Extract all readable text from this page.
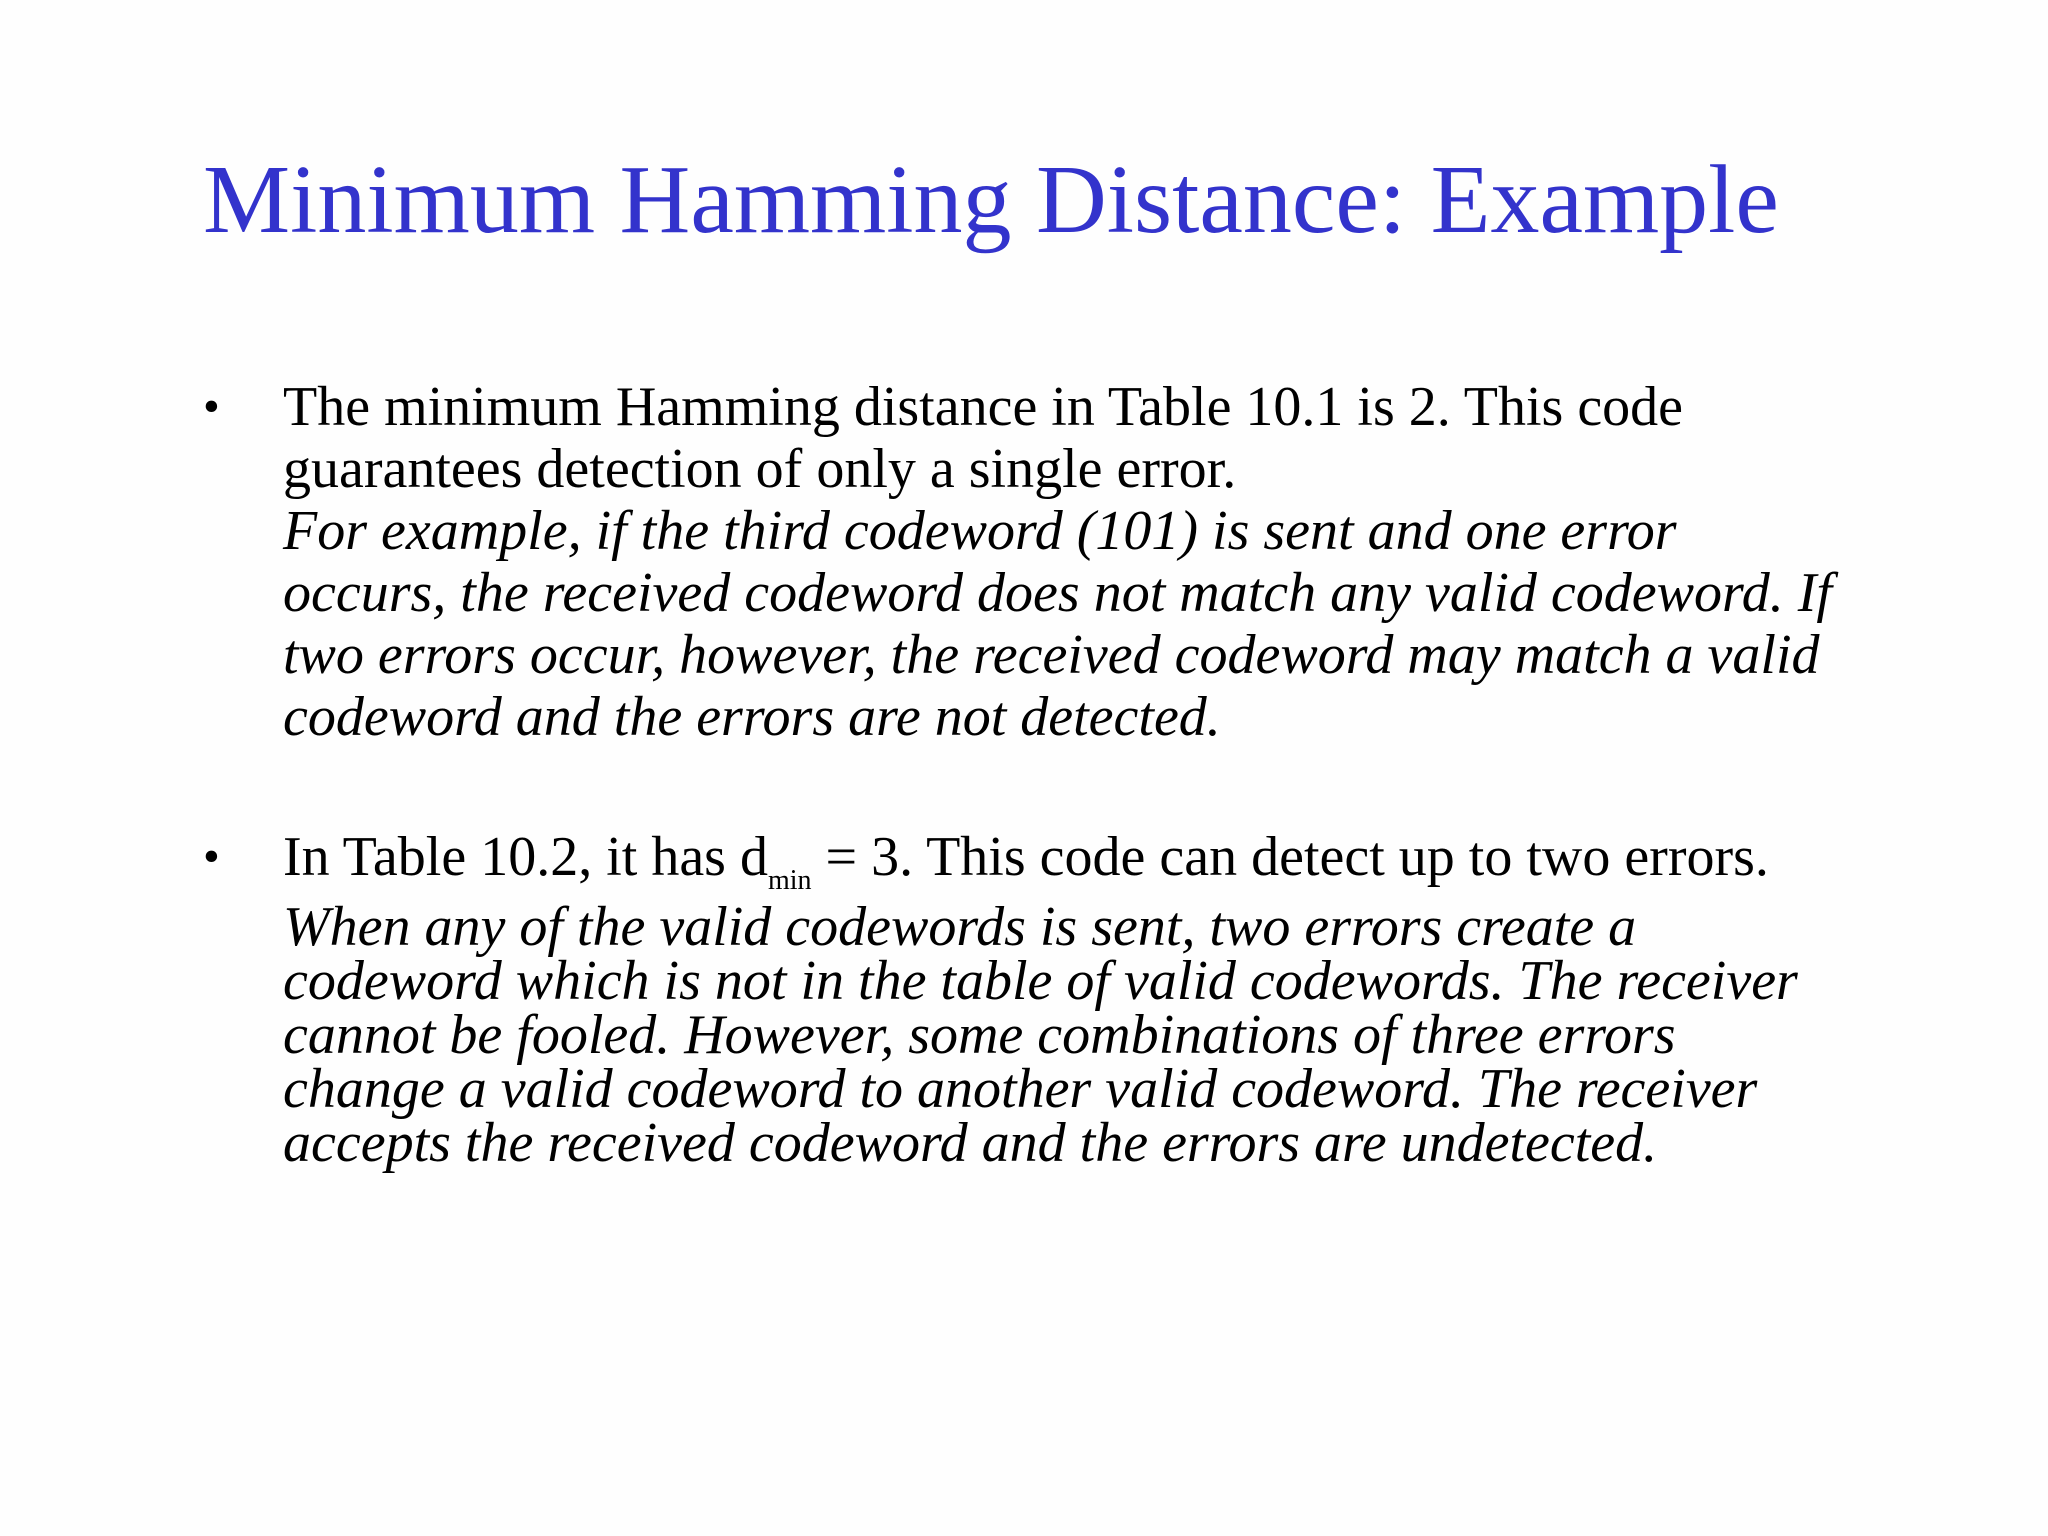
Minimum Hamming Distance: Example
• The minimum Hamming distance in Table 10.1 is 2. This code

guarantees detection of only a single error.

For example, if the third codeword (101) is sent and one error occurs, the received codeword does not match any valid codeword. If two errors occur, however, the received codeword may match a valid codeword and the errors are not detected.

• In Table 10.2, it has $d_{min} = 3$. This code can detect up to two errors.

When any of the valid codewords is sent, two errors create a codeword which is not in the table of valid codewords. The receiver cannot be fooled. However, some combinations of three errors change a valid codeword to another valid codeword. The receiver accepts the received codeword and the errors are undetected.
